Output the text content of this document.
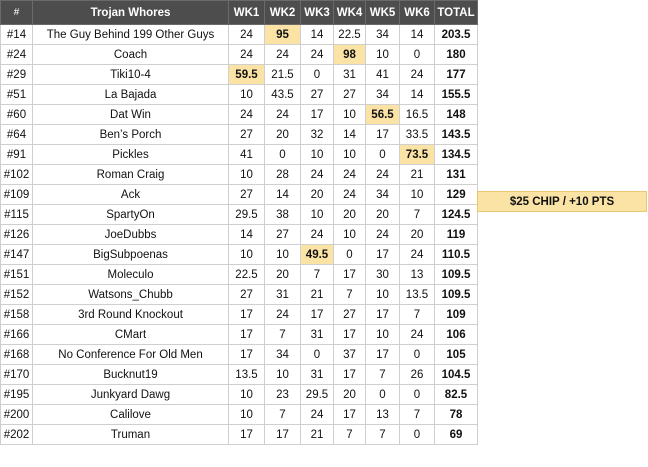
#	Trojan Whores	WK1	WK2	WK3	WK4	WK5	WK6	TOTAL
#14	The Guy Behind 199 Other Guys	24	95	14	22.5	34	14	203.5
#24	Coach	24	24	24	98	10	0	180
#29	Tiki10-4	59.5	21.5	0	31	41	24	177
#51	La Bajada	10	43.5	27	27	34	14	155.5
#60	Dat Win	24	24	17	10	56.5	16.5	148
#64	Ben’s Porch	27	20	32	14	17	33.5	143.5
#91	Pickles	41	0	10	10	0	73.5	134.5
#102	Roman Craig	10	28	24	24	24	21	131
#109	Ack	27	14	20	24	34	10	129
#115	SpartyOn	29.5	38	10	20	20	7	124.5
#126	JoeDubbs	14	27	24	10	24	20	119
#147	BigSubpoenas	10	10	49.5	0	17	24	110.5
#151	Moleculo	22.5	20	7	17	30	13	109.5
#152	Watsons_Chubb	27	31	21	7	10	13.5	109.5
#158	3rd Round Knockout	17	24	17	27	17	7	109
#166	CMart	17	7	31	17	10	24	106
#168	No Conference For Old Men	17	34	0	37	17	0	105
#170	Bucknut19	13.5	10	31	17	7	26	104.5
#195	Junkyard Dawg	10	23	29.5	20	0	0	82.5
#200	Calilove	10	7	24	17	13	7	78
#202	Truman	17	17	21	7	7	0	69
$25 CHIP / +10 PTS
